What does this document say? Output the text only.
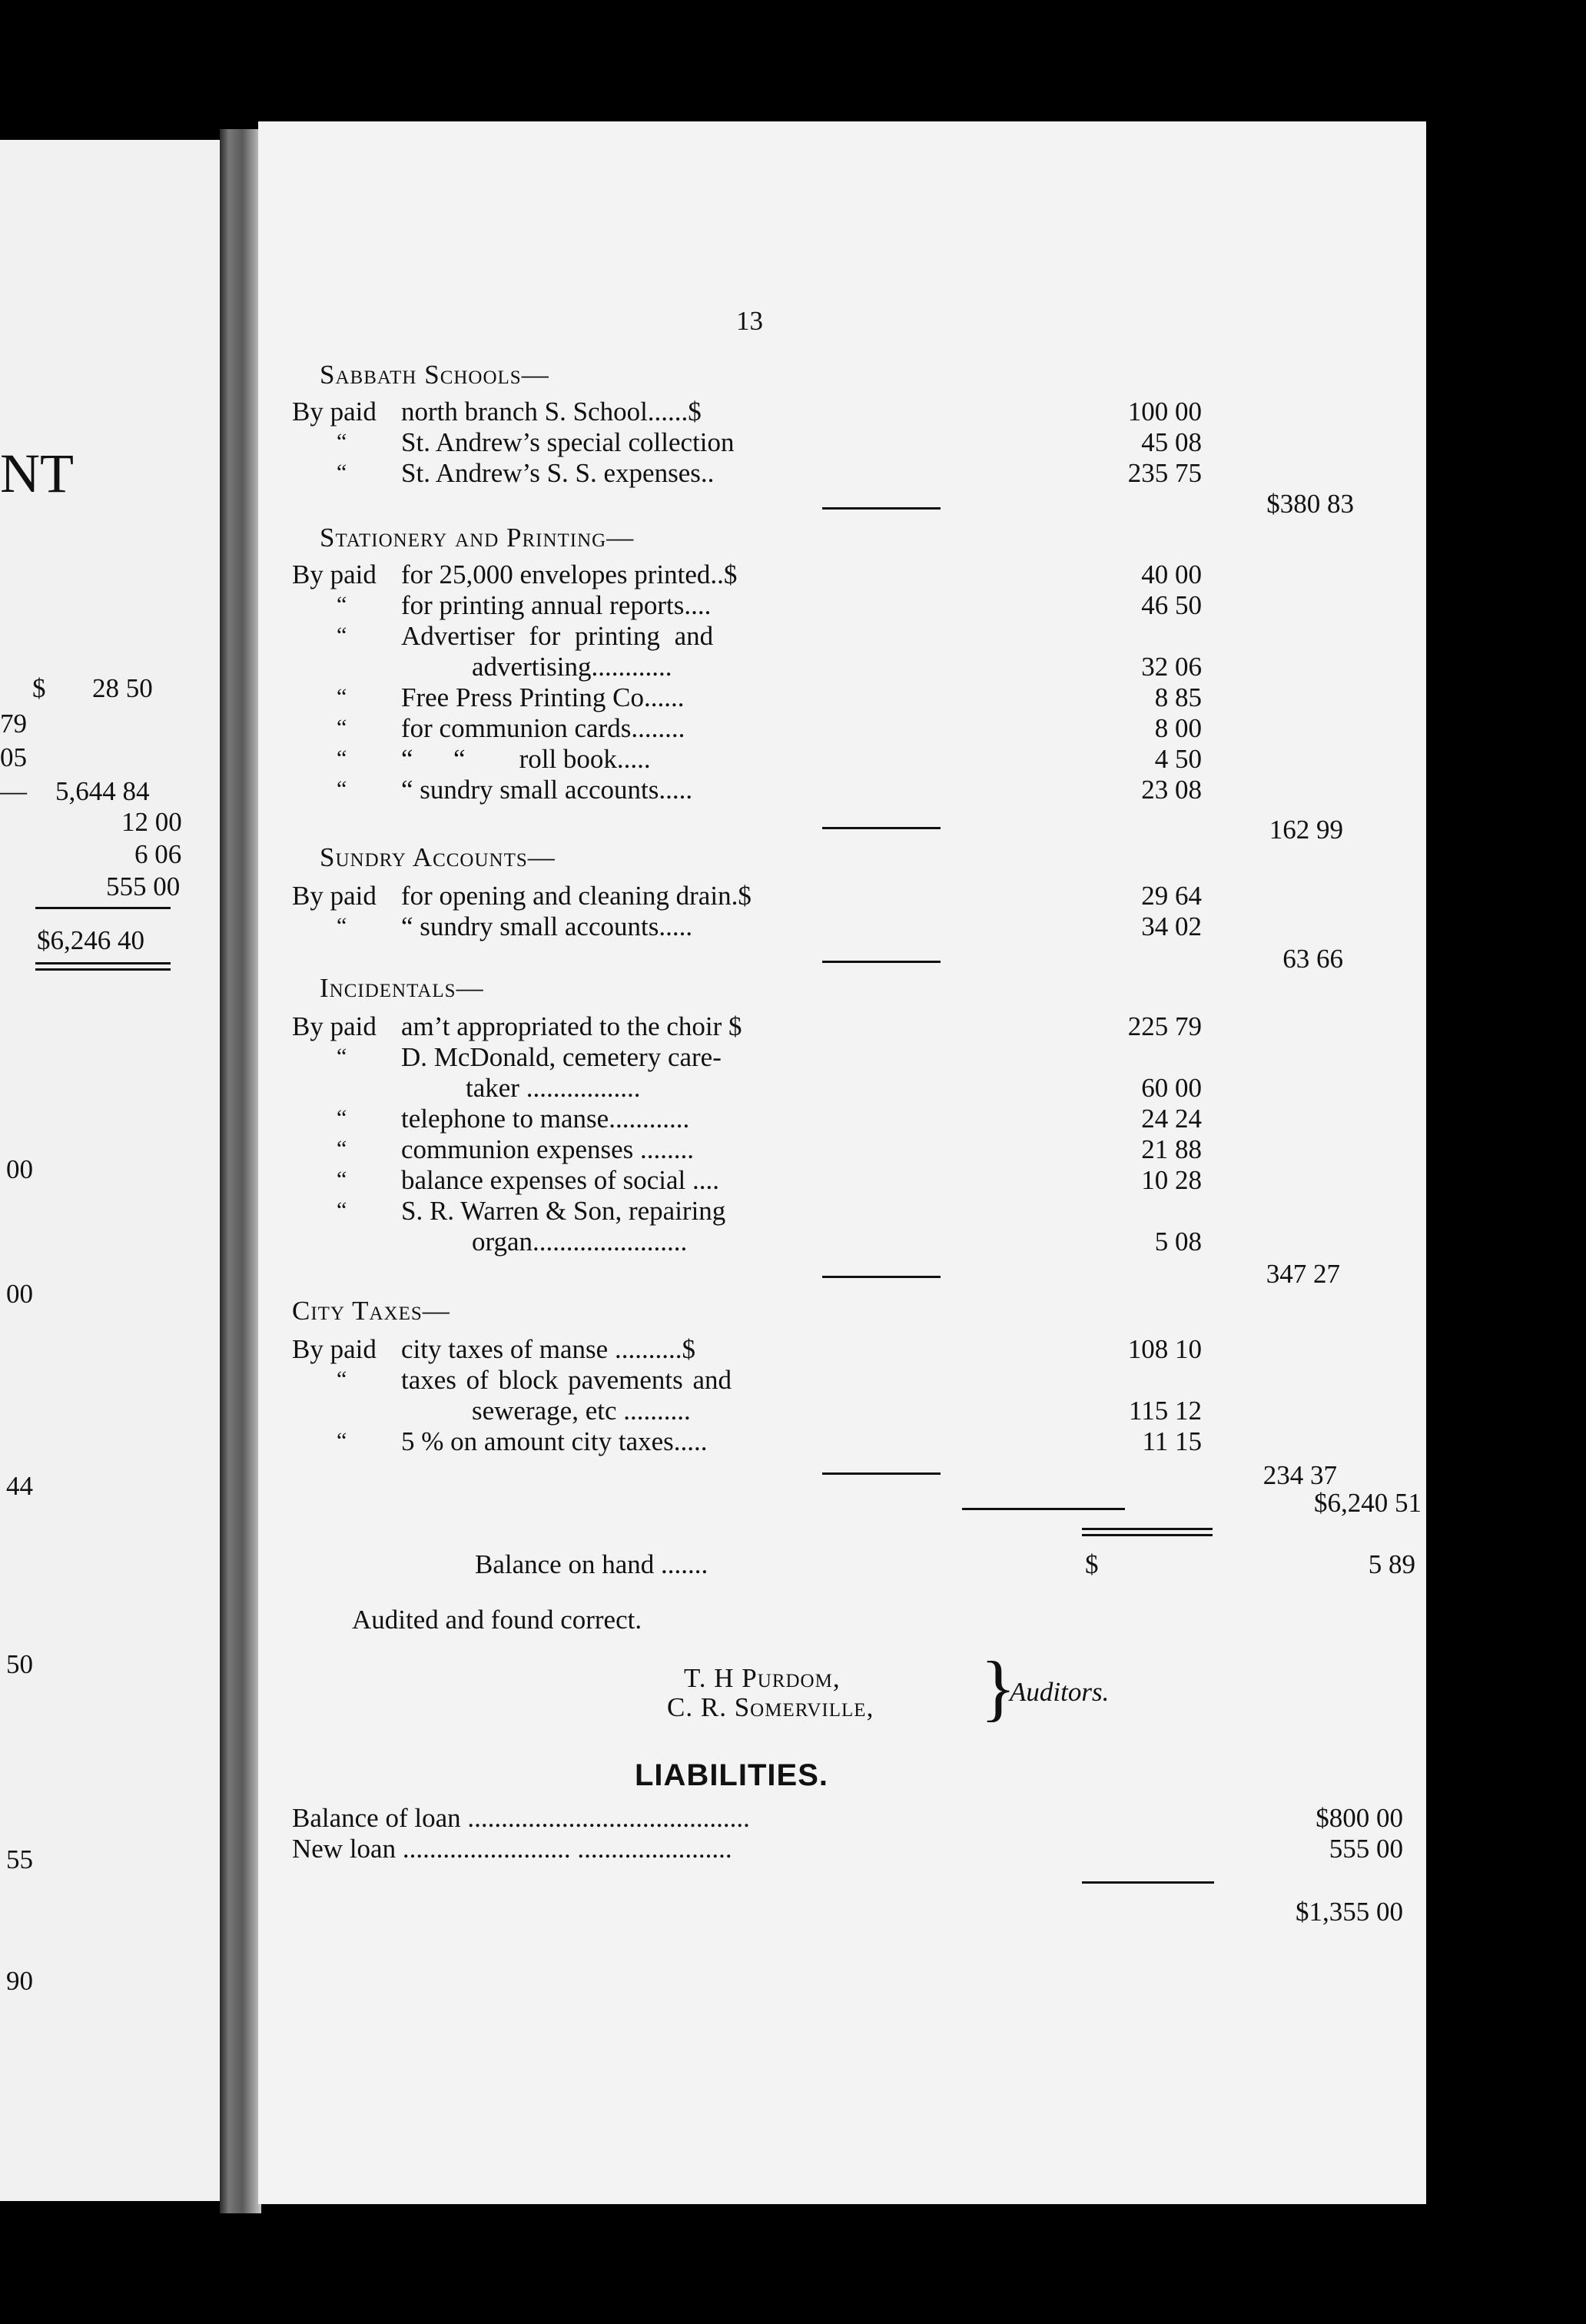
NT
$ 28 50
79
05
— 5,644 84
12 00
6 06
555 00
$6,246 40
00
00
44
50
55
90
13
Sabbath Schools—
By paid north branch S. School......$	100 00
“ St. Andrew’s special collection	45 08
“ St. Andrew’s S. S. expenses..	235 75
$380 83
Stationery and Printing—
By paid for 25,000 envelopes printed..$	40 00
“ for printing annual reports....	46 50
“ Advertiser for printing and
advertising............	32 06
“ Free Press Printing Co......	8 85
“ for communion cards........	8 00
“ “      “        roll book.....	4 50
“ “ sundry small accounts.....	23 08
162 99
Sundry Accounts—
By paid for opening and cleaning drain.$	29 64
“ “ sundry small accounts.....	34 02
63 66
Incidentals—
By paid am’t appropriated to the choir $	225 79
“ D. McDonald, cemetery care-
taker .................	60 00
“ telephone to manse............	24 24
“ communion expenses ........	21 88
“ balance expenses of social ....	10 28
“ S. R. Warren & Son, repairing
organ.......................	5 08
347 27
City Taxes—
By paid city taxes of manse ..........$	108 10
“ taxes of block pavements and
sewerage, etc ..........	115 12
“ 5 % on amount city taxes.....	11 15
234 37
$6,240 51
Balance on hand .......	$	5 89
Audited and found correct.
T. H Purdom,
C. R. Somerville, }
Auditors.
LIABILITIES.
Balance of loan ..........................................	$800 00
New loan ......................... .......................	555 00
$1,355 00
